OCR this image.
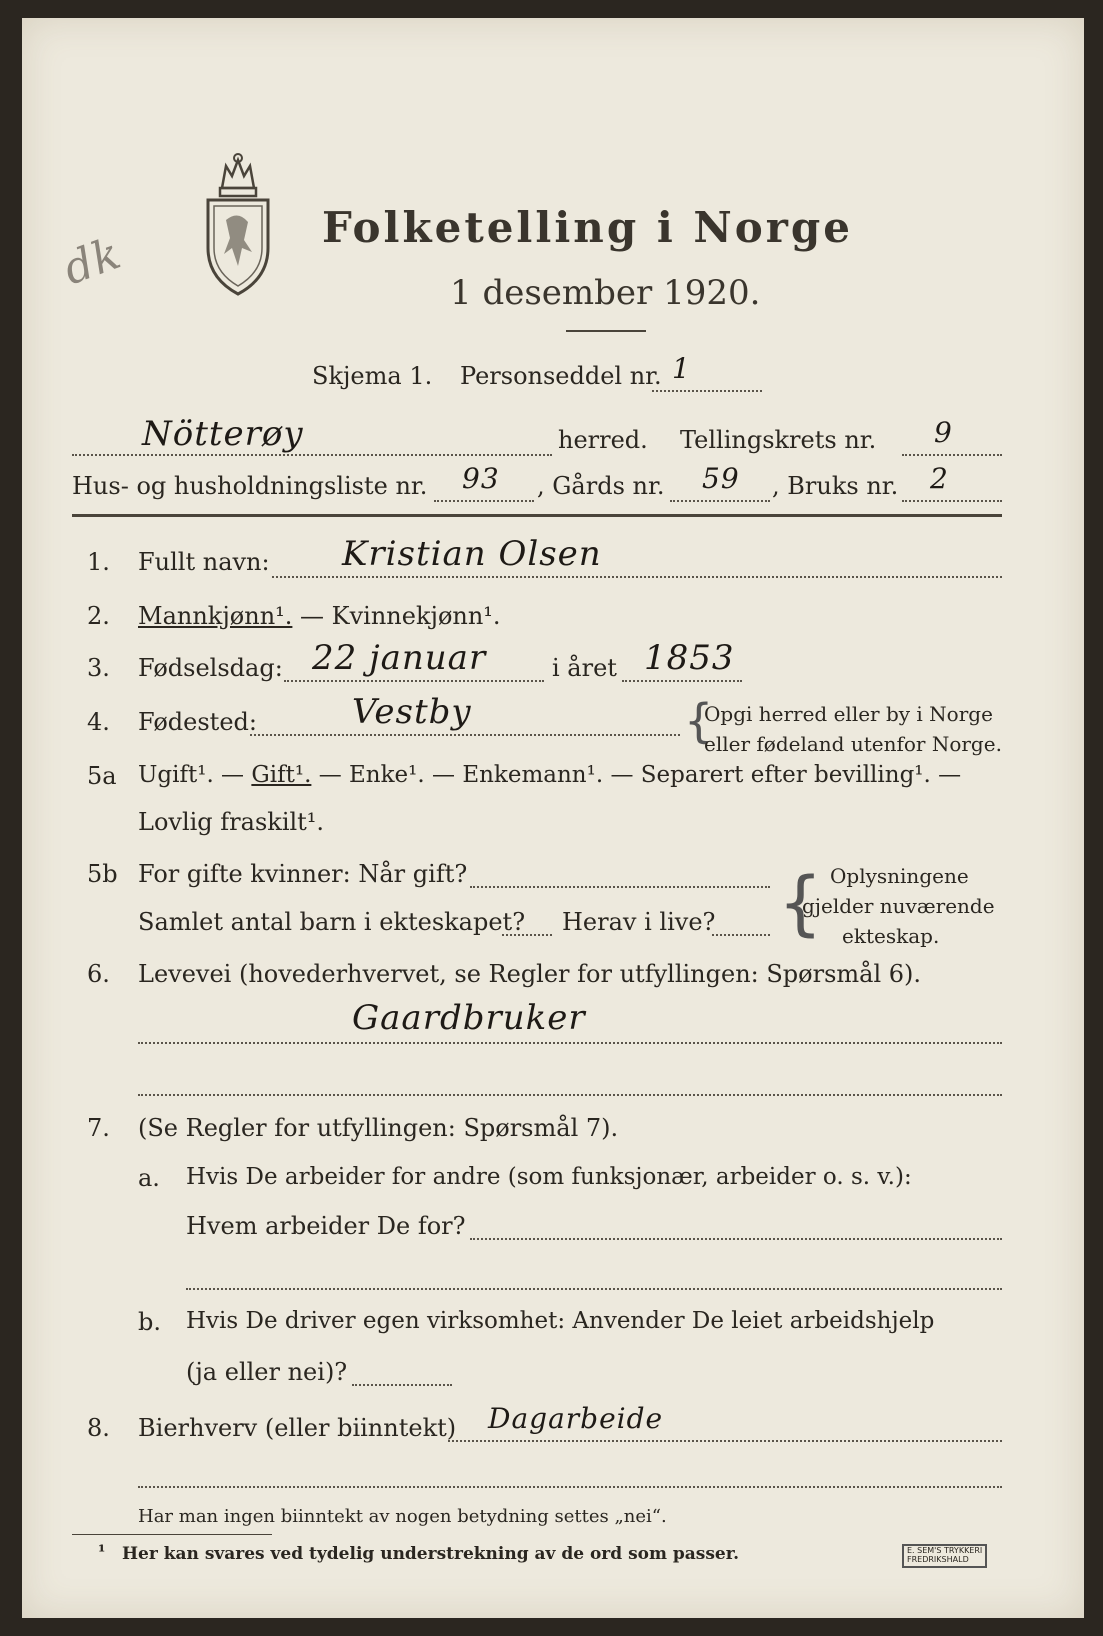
dk
Folketelling i Norge
1 desember 1920.
Skjema 1. Personseddel nr. 1
Nötterøy	herred. Tellingskrets nr. 9
Hus- og husholdningsliste nr. 93 , Gårds nr. 59 , Bruks nr. 2
1. Fullt navn: Kristian Olsen
2. Mannkjønn¹. — Kvinnekjønn¹.
3. Fødselsdag: 22 januar	i året 1853
4. Fødested:	Vestby	{
Opgi herred eller by i Norge
eller fødeland utenfor Norge.
5a Ugift¹. — Gift¹. — Enke¹. — Enkemann¹. — Separert efter bevilling¹. —
Lovlig fraskilt¹.
5b For gifte kvinner: Når gift?
Samlet antal barn i ekteskapet? Herav i live? { Oplysningene
gjelder nuværende
ekteskap.
6. Levevei (hovederhvervet, se Regler for utfyllingen: Spørsmål 6).
Gaardbruker
7. (Se Regler for utfyllingen: Spørsmål 7).
a. Hvis De arbeider for andre (som funksjonær, arbeider o. s. v.):
Hvem arbeider De for?
b. Hvis De driver egen virksomhet: Anvender De leiet arbeidshjelp
(ja eller nei)?
8. Bierhverv (eller biinntekt) Dagarbeide
Har man ingen biinntekt av nogen betydning settes „nei“.
¹ Her kan svares ved tydelig understrekning av de ord som passer.	E. SEM'S TRYKKERI
FREDRIKSHALD
